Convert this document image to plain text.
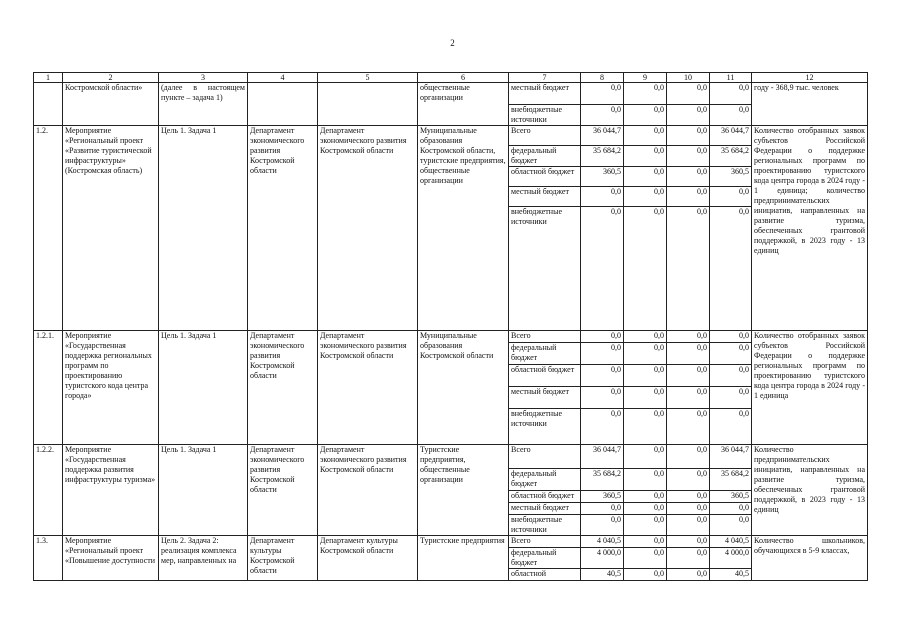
2
1	2	3	4	5	6	7	8	9	10	11	12
	Костромской области»	(далее в настоящем пункте – задача 1)			общественные организации	местный бюджет	0,0	0,0	0,0	0,0	году - 368,9 тыс. человек
						внебюджетные источники	0,0	0,0	0,0	0,0	
1.2.	Мероприятие «Региональный проект «Развитие туристической инфраструктуры» (Костромская область)	Цель 1. Задача 1	Департамент экономического развития Костромской области	Департамент экономического развития Костромской области	Муниципальные образования Костромской области, туристские предприятия, общественные организации	Всего	36 044,7	0,0	0,0	36 044,7	Количество отобранных заявок субъектов Российской Федерации о поддержке региональных программ по проектированию туристского кода центра города в 2024 году - 1 единица; количество предпринимательских инициатив, направленных на развитие туризма, обеспеченных грантовой поддержкой, в 2023 году - 13 единиц
						федеральный бюджет	35 684,2	0,0	0,0	35 684,2	
						областной бюджет	360,5	0,0	0,0	360,5	
						местный бюджет	0,0	0,0	0,0	0,0	
						внебюджетные источники	0,0	0,0	0,0	0,0	
1.2.1.	Мероприятие «Государственная поддержка региональных программ по проектированию туристского кода центра города»	Цель 1. Задача 1	Департамент экономического развития Костромской области	Департамент экономического развития Костромской области	Муниципальные образования Костромской области	Всего	0,0	0,0	0,0	0,0	Количество отобранных заявок субъектов Российской Федерации о поддержке региональных программ по проектированию туристского кода центра города в 2024 году - 1 единица
						федеральный бюджет	0,0	0,0	0,0	0,0	
						областной бюджет	0,0	0,0	0,0	0,0	
						местный бюджет	0,0	0,0	0,0	0,0	
						внебюджетные источники	0,0	0,0	0,0	0,0	
1.2.2.	Мероприятие «Государственная поддержка развития инфраструктуры туризма»	Цель 1. Задача 1	Департамент экономического развития Костромской области	Департамент экономического развития Костромской области	Туристские предприятия, общественные организации	Всего	36 044,7	0,0	0,0	36 044,7	Количество предпринимательских инициатив, направленных на развитие туризма, обеспеченных грантовой поддержкой, в 2023 году - 13 единиц
						федеральный бюджет	35 684,2	0,0	0,0	35 684,2	
						областной бюджет	360,5	0,0	0,0	360,5	
						местный бюджет	0,0	0,0	0,0	0,0	
						внебюджетные источники	0,0	0,0	0,0	0,0	
1.3.	Мероприятие «Региональный проект «Повышение доступности	Цель 2. Задача 2: реализация комплекса мер, направленных на	Департамент культуры Костромской области	Департамент культуры Костромской области	Туристские предприятия	Всего	4 040,5	0,0	0,0	4 040,5	Количество школьников, обучающихся в 5-9 классах,
						федеральный бюджет	4 000,0	0,0	0,0	4 000,0	
						областной	40,5	0,0	0,0	40,5	
